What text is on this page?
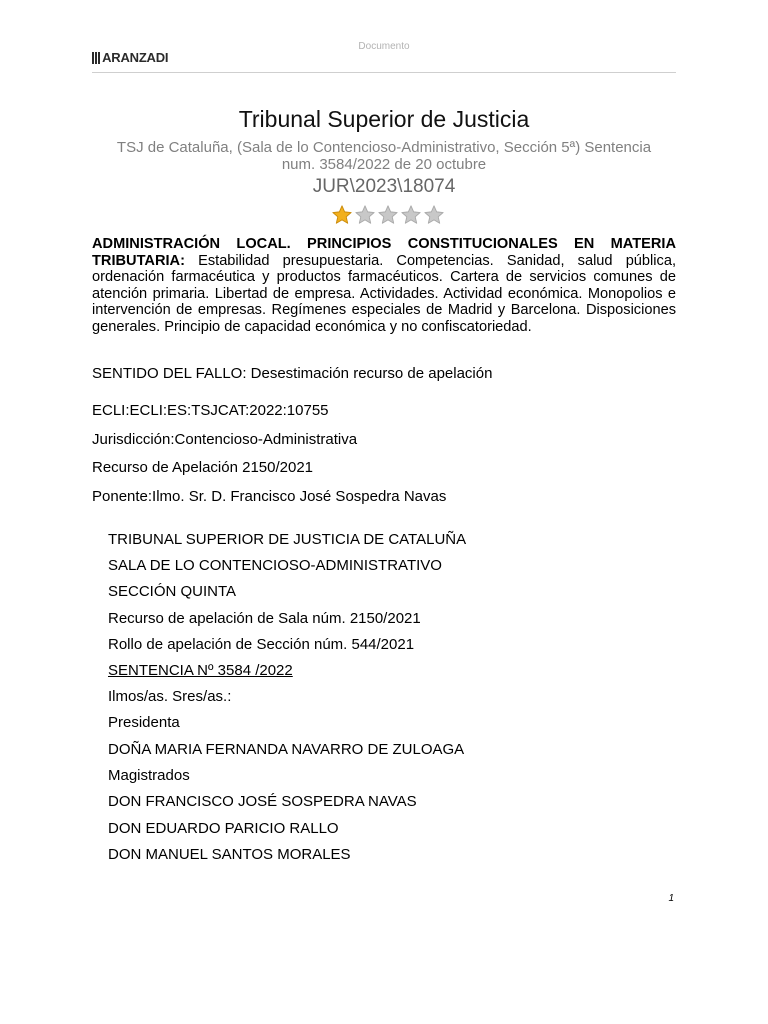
Documento
ARANZADI
Tribunal Superior de Justicia
TSJ de Cataluña, (Sala de lo Contencioso-Administrativo, Sección 5ª) Sentencia num. 3584/2022 de 20 octubre
JUR\2023\18074
ADMINISTRACIÓN LOCAL. PRINCIPIOS CONSTITUCIONALES EN MATERIA TRIBUTARIA: Estabilidad presupuestaria. Competencias. Sanidad, salud pública, ordenación farmacéutica y productos farmacéuticos. Cartera de servicios comunes de atención primaria. Libertad de empresa. Actividades. Actividad económica. Monopolios e intervención de empresas. Regímenes especiales de Madrid y Barcelona. Disposiciones generales. Principio de capacidad económica y no confiscatoriedad.
SENTIDO DEL FALLO: Desestimación recurso de apelación
ECLI:ECLI:ES:TSJCAT:2022:10755
Jurisdicción:Contencioso-Administrativa
Recurso de Apelación 2150/2021
Ponente:Ilmo. Sr. D. Francisco José Sospedra Navas
TRIBUNAL SUPERIOR DE JUSTICIA DE CATALUÑA
SALA DE LO CONTENCIOSO-ADMINISTRATIVO
SECCIÓN QUINTA
Recurso de apelación de Sala núm. 2150/2021
Rollo de apelación de Sección núm. 544/2021
SENTENCIA Nº 3584 /2022
Ilmos/as. Sres/as.:
Presidenta
DOÑA MARIA FERNANDA NAVARRO DE ZULOAGA
Magistrados
DON FRANCISCO JOSÉ SOSPEDRA NAVAS
DON EDUARDO PARICIO RALLO
DON MANUEL SANTOS MORALES
1
